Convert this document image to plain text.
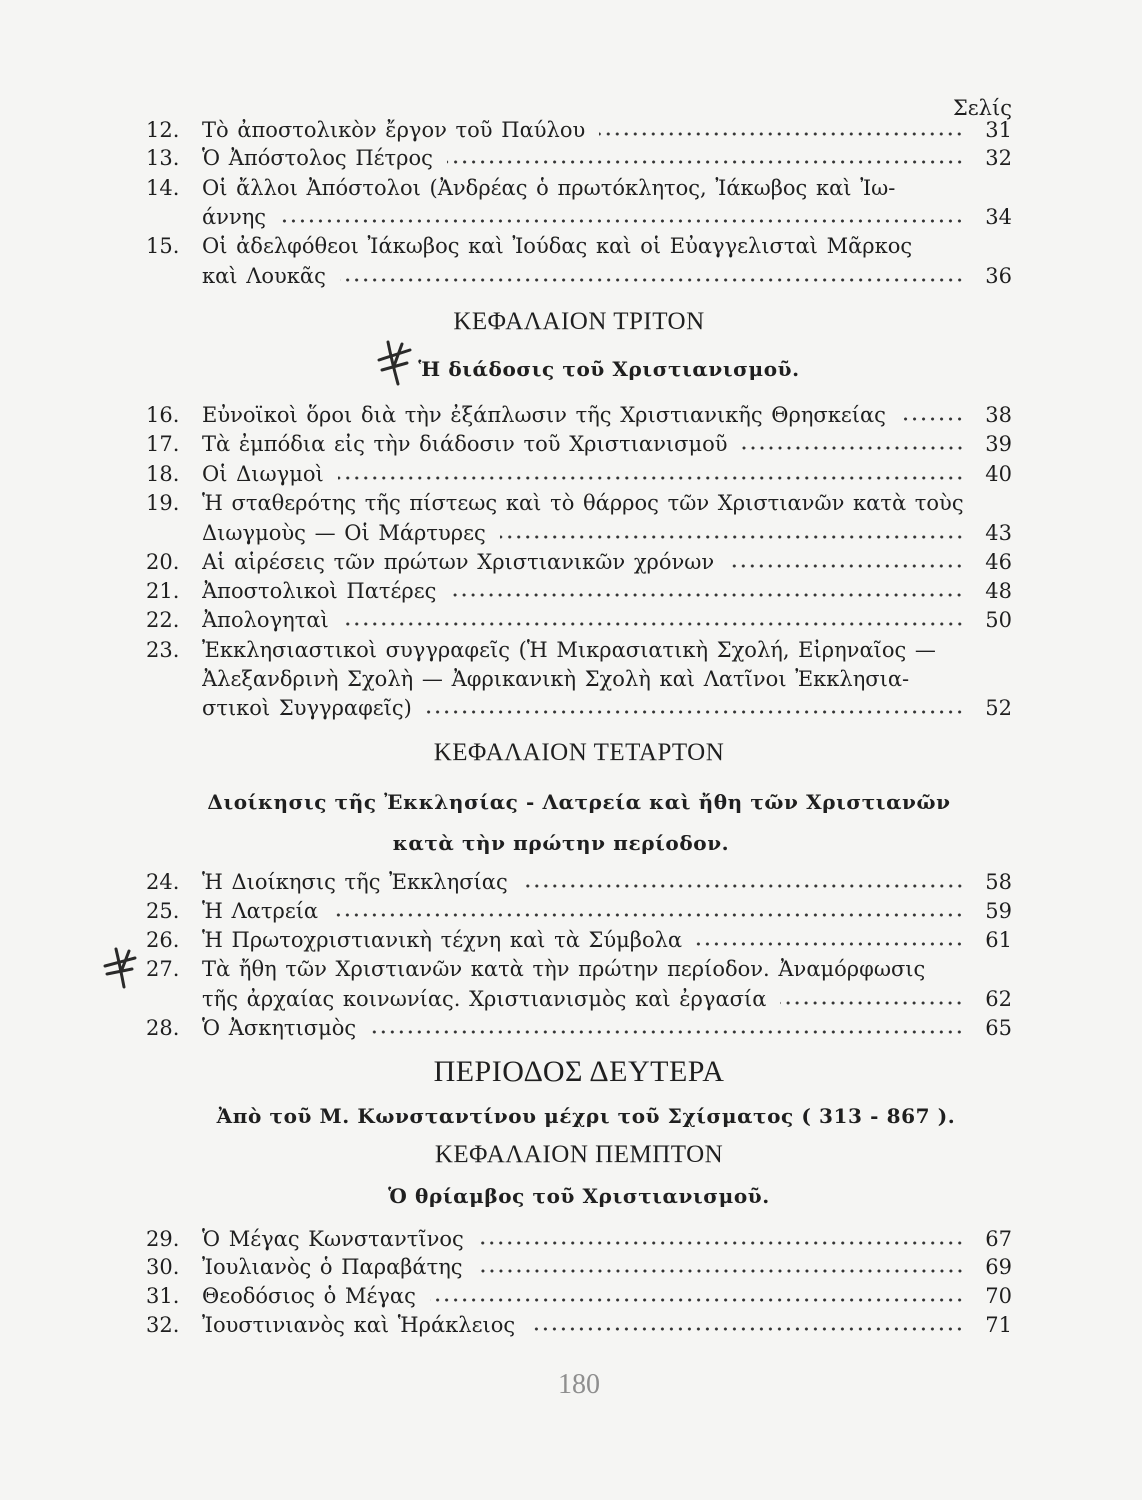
Σελίς
12.	Τὸ ἀποστολικὸν ἔργον τοῦ Παύλου	31
13.	Ὁ Ἀπόστολος Πέτρος	32
14.	Οἱ ἄλλοι Ἀπόστολοι (Ἀνδρέας ὁ πρωτόκλητος, Ἰάκωβος καὶ Ἰω-
άννης	34
15.	Οἱ ἀδελφόθεοι Ἰάκωβος καὶ Ἰούδας καὶ οἱ Εὐαγγελισταὶ Μᾶρκος
καὶ Λουκᾶς	36
ΚΕΦΑΛΑΙΟΝ ΤΡΙΤΟΝ
Ἡ διάδοσις τοῦ Χριστιανισμοῦ.
16.	Εὐνοϊκοὶ ὅροι διὰ τὴν ἐξάπλωσιν τῆς Χριστιανικῆς Θρησκείας	38
17.	Τὰ ἐμπόδια εἰς τὴν διάδοσιν τοῦ Χριστιανισμοῦ	39
18.	Οἱ Διωγμοὶ	40
19.	Ἡ σταθερότης τῆς πίστεως καὶ τὸ θάρρος τῶν Χριστιανῶν κατὰ τοὺς
Διωγμοὺς — Οἱ Μάρτυρες	43
20.	Αἱ αἱρέσεις τῶν πρώτων Χριστιανικῶν χρόνων	46
21.	Ἀποστολικοὶ Πατέρες	48
22.	Ἀπολογηταὶ	50
23.	Ἐκκλησιαστικοὶ συγγραφεῖς (Ἡ Μικρασιατικὴ Σχολή, Εἰρηναῖος —
Ἀλεξανδρινὴ Σχολὴ — Ἀφρικανικὴ Σχολὴ καὶ Λατῖνοι Ἐκκλησια-
στικοὶ Συγγραφεῖς)	52
ΚΕΦΑΛΑΙΟΝ ΤΕΤΑΡΤΟΝ
Διοίκησις τῆς Ἐκκλησίας - Λατρεία καὶ ἤθη τῶν Χριστιανῶν
κατὰ τὴν πρώτην περίοδον.
24.	Ἡ Διοίκησις τῆς Ἐκκλησίας	58
25.	Ἡ Λατρεία	59
26.	Ἡ Πρωτοχριστιανικὴ τέχνη καὶ τὰ Σύμβολα	61
27.	Τὰ ἤθη τῶν Χριστιανῶν κατὰ τὴν πρώτην περίοδον. Ἀναμόρφωσις
τῆς ἀρχαίας κοινωνίας. Χριστιανισμὸς καὶ ἐργασία	62
28.	Ὁ Ἀσκητισμὸς	65
ΠΕΡΙΟΔΟΣ ΔΕΥΤΕΡΑ
Ἀπὸ τοῦ Μ. Κωνσταντίνου μέχρι τοῦ Σχίσματος ( 313 - 867 ).
ΚΕΦΑΛΑΙΟΝ ΠΕΜΠΤΟΝ
Ὁ θρίαμβος τοῦ Χριστιανισμοῦ.
29.	Ὁ Μέγας Κωνσταντῖνος	67
30.	Ἰουλιανὸς ὁ Παραβάτης	69
31.	Θεοδόσιος ὁ Μέγας	70
32.	Ἰουστινιανὸς καὶ Ἡράκλειος	71
180
